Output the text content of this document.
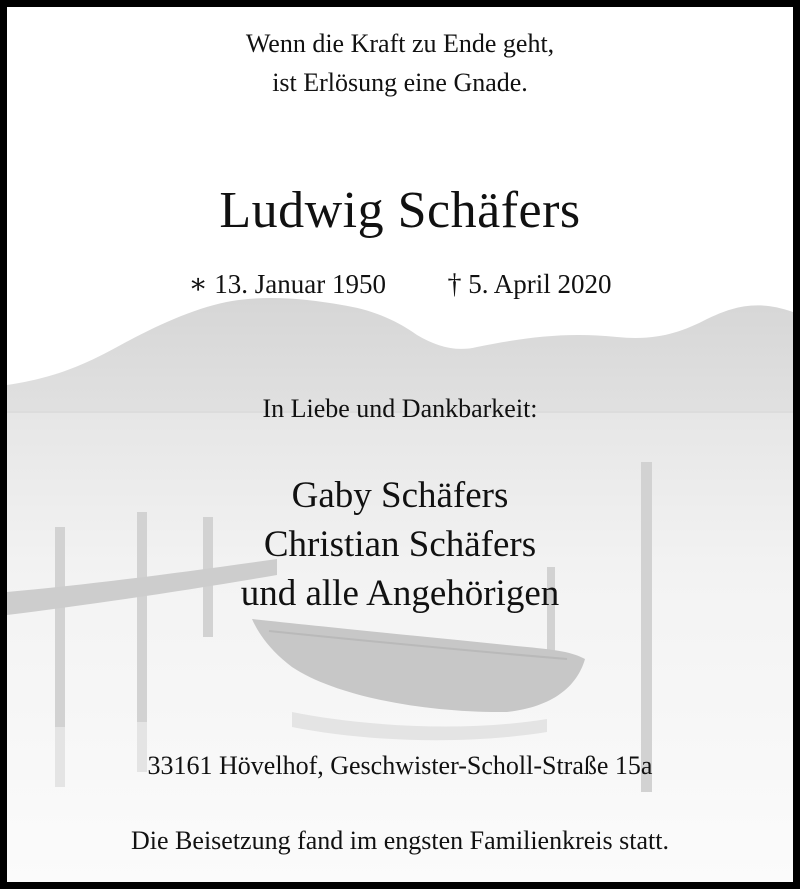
Wenn die Kraft zu Ende geht,
ist Erlösung eine Gnade.
Ludwig Schäfers
∗ 13. Januar 1950 † 5. April 2020
In Liebe und Dankbarkeit:
Gaby Schäfers
Christian Schäfers
und alle Angehörigen
33161 Hövelhof, Geschwister-Scholl-Straße 15a
Die Beisetzung fand im engsten Familienkreis statt.
